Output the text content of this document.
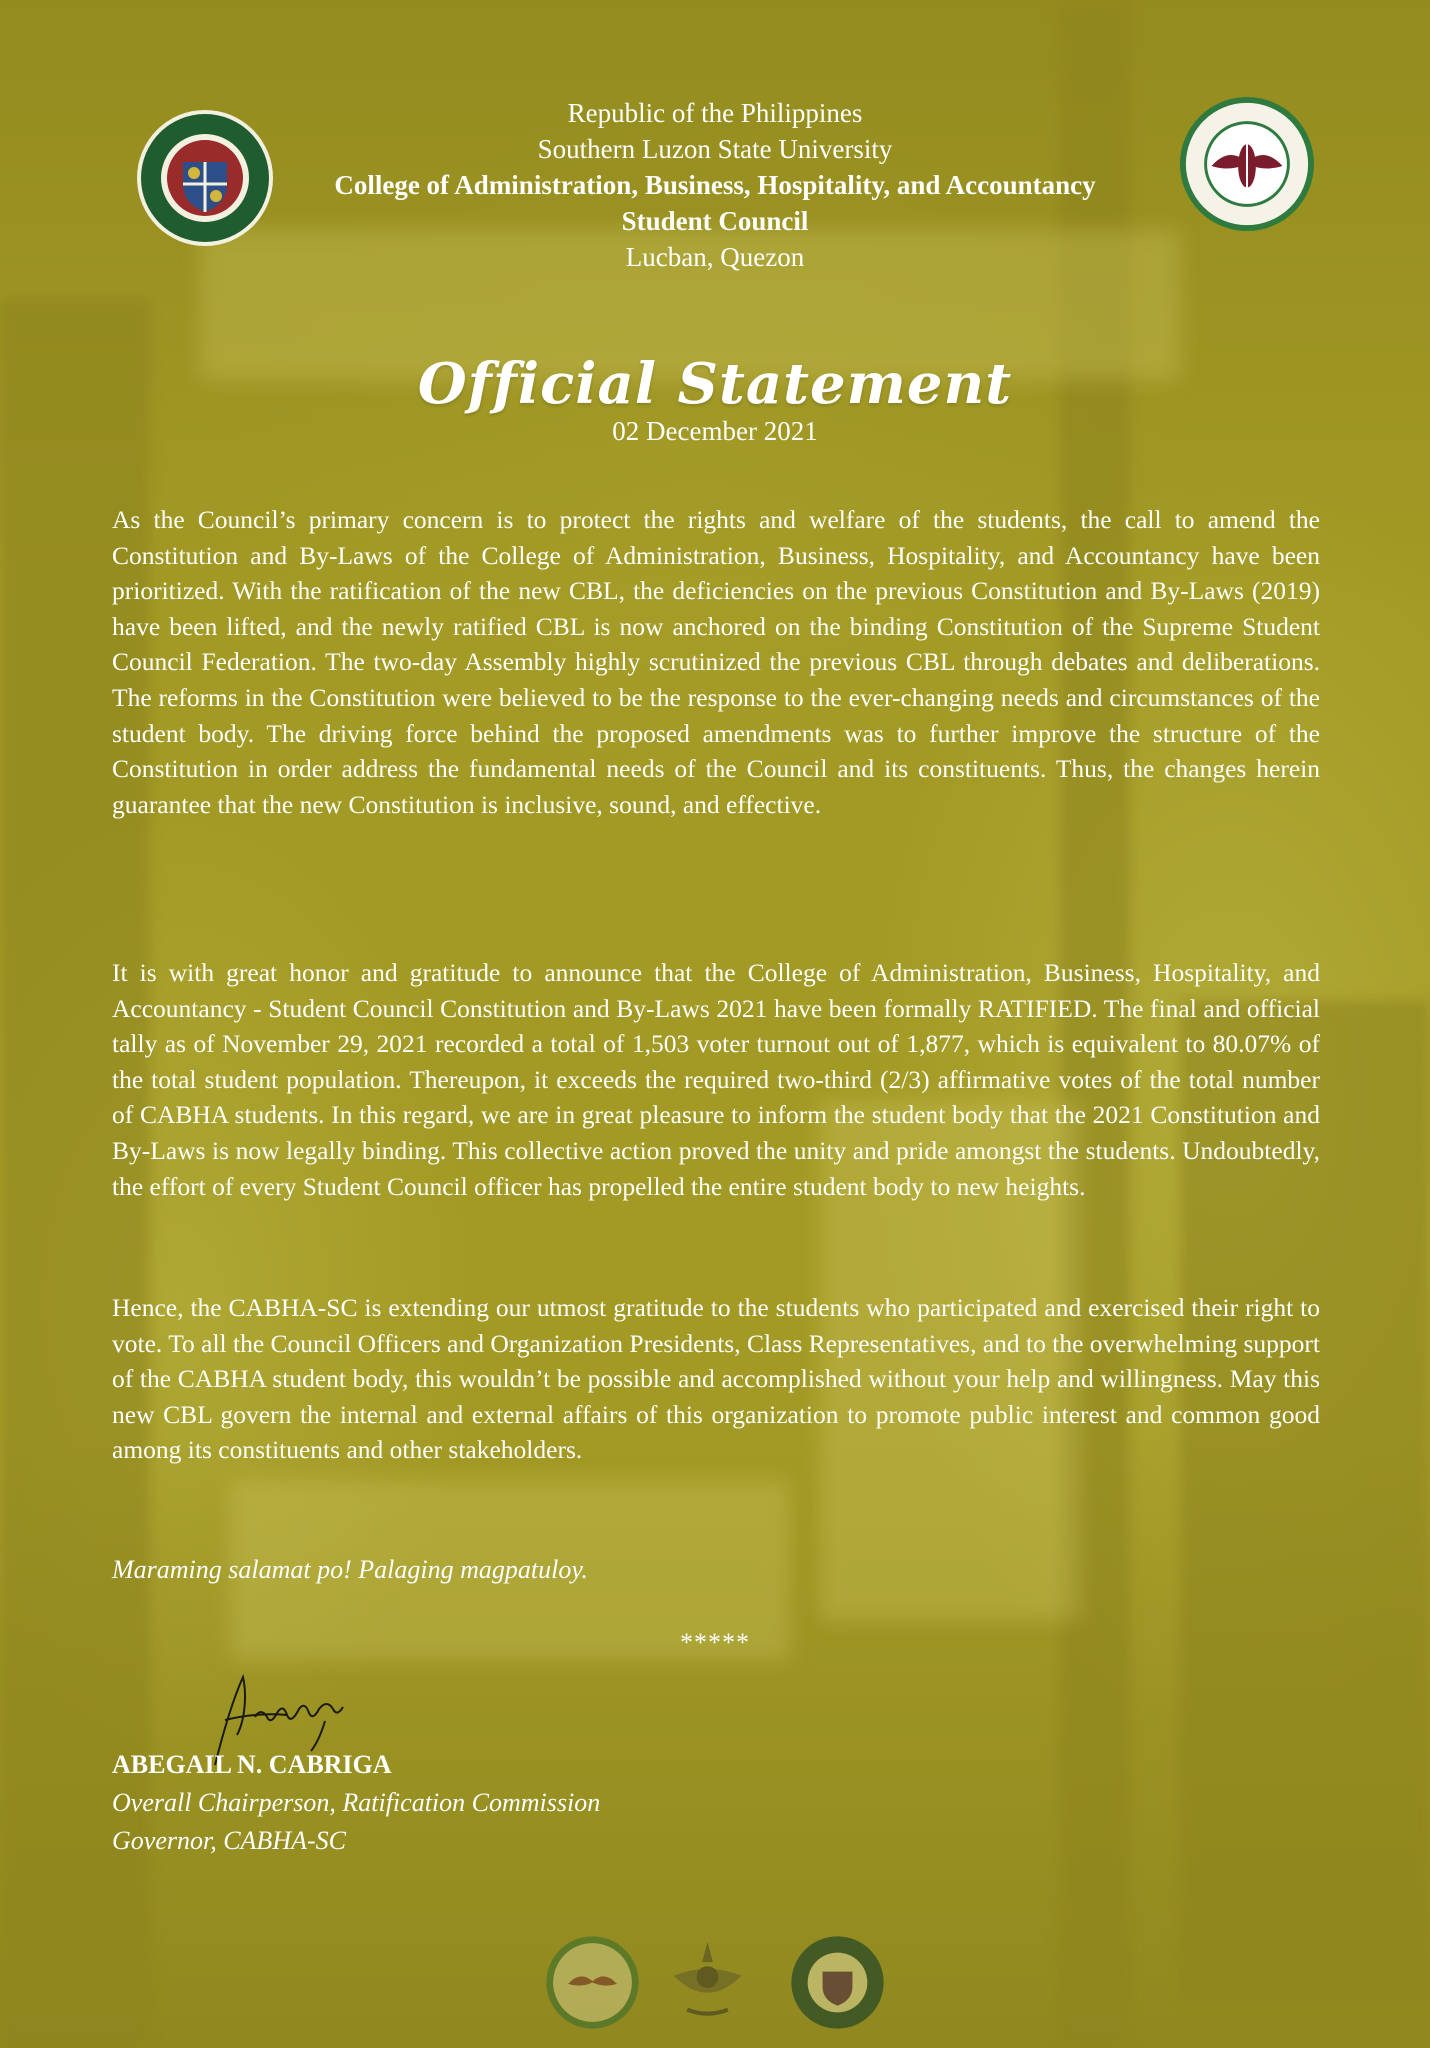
Republic of the Philippines
Southern Luzon State University
College of Administration, Business, Hospitality, and Accountancy
Student Council
Lucban, Quezon
Official Statement
02 December 2021

As the Council’s primary concern is to protect the rights and welfare of the students, the call to amend the Constitution and By-Laws of the College of Administration, Business, Hospitality, and Accountancy have been prioritized. With the ratification of the new CBL, the deficiencies on the previous Constitution and By-Laws (2019) have been lifted, and the newly ratified CBL is now anchored on the binding Constitution of the Supreme Student Council Federation. The two-day Assembly highly scrutinized the previous CBL through debates and deliberations. The reforms in the Constitution were believed to be the response to the ever-changing needs and circumstances of the student body. The driving force behind the proposed amendments was to further improve the structure of the Constitution in order address the fundamental needs of the Council and its constituents. Thus, the changes herein guarantee that the new Constitution is inclusive, sound, and effective.

It is with great honor and gratitude to announce that the College of Administration, Business, Hospitality, and Accountancy - Student Council Constitution and By-Laws 2021 have been formally RATIFIED. The final and official tally as of November 29, 2021 recorded a total of 1,503 voter turnout out of 1,877, which is equivalent to 80.07% of the total student population. Thereupon, it exceeds the required two-third (2/3) affirmative votes of the total number of CABHA students. In this regard, we are in great pleasure to inform the student body that the 2021 Constitution and By-Laws is now legally binding. This collective action proved the unity and pride amongst the students. Undoubtedly, the effort of every Student Council officer has propelled the entire student body to new heights.

Hence, the CABHA-SC is extending our utmost gratitude to the students who participated and exercised their right to vote. To all the Council Officers and Organization Presidents, Class Representatives, and to the overwhelming support of the CABHA student body, this wouldn’t be possible and accomplished without your help and willingness. May this new CBL govern the internal and external affairs of this organization to promote public interest and common good among its constituents and other stakeholders.

Maraming salamat po! Palaging magpatuloy.
*****
ABEGAIL N. CABRIGA
Overall Chairperson, Ratification Commission
Governor, CABHA-SC
